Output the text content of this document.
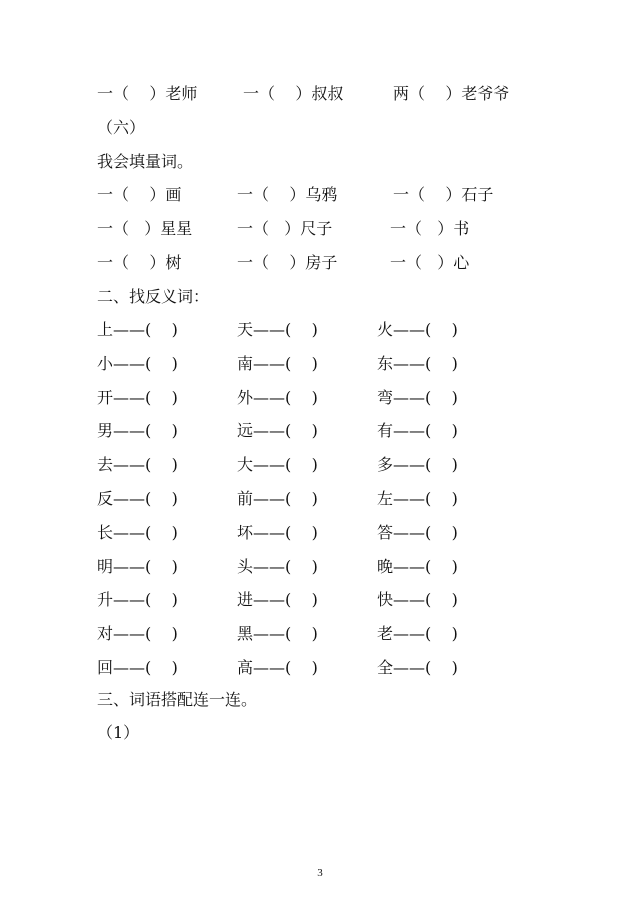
一（    ）老师	一（    ）叔叔	两（    ）老爷爷
（六）
我会填量词。
一（    ）画	一（    ）乌鸦	一（    ）石子
一（   ）星星	一（   ）尺子	一（   ）书
一（    ）树	一（    ）房子	一（   ）心
二、找反义词：
上——(    )	天——(    )	火——(    )
小——(    )	南——(    )	东——(    )
开——(    )	外——(    )	弯——(    )
男——(    )	远——(    )	有——(    )
去——(    )	大——(    )	多——(    )
反——(    )	前——(    )	左——(    )
长——(    )	坏——(    )	答——(    )
明——(    )	头——(    )	晚——(    )
升——(    )	进——(    )	快——(    )
对——(    )	黑——(    )	老——(    )
回——(    )	高——(    )	全——(    )
三、词语搭配连一连。
（1）
3
